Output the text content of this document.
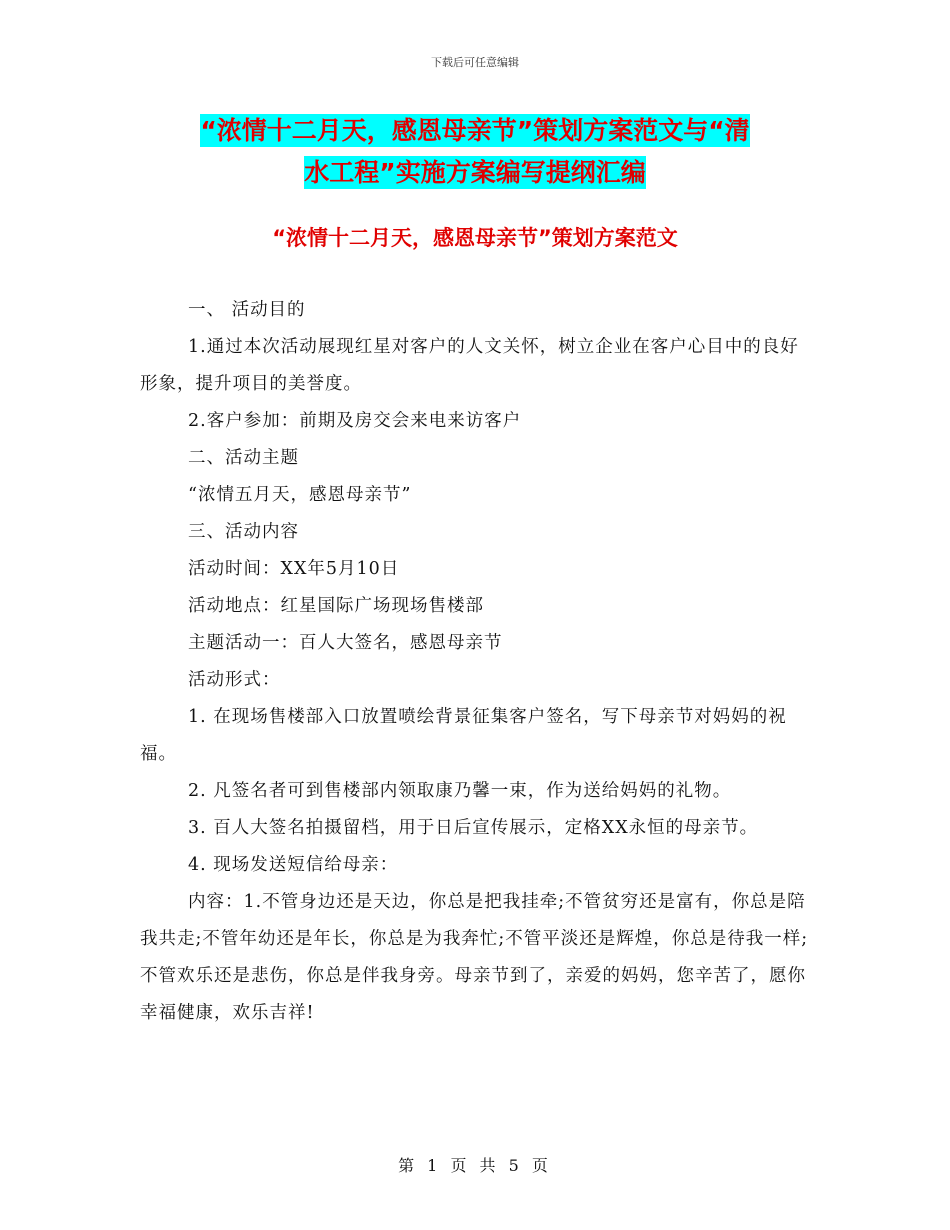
下载后可任意编辑
“浓情十二月天，感恩母亲节”策划方案范文与“清
水工程”实施方案编写提纲汇编
“浓情十二月天，感恩母亲节”策划方案范文

一、 活动目的

1.通过本次活动展现红星对客户的人文关怀，树立企业在客户心目中的良好形象，提升项目的美誉度。

2.客户参加：前期及房交会来电来访客户

二、活动主题

“浓情五月天，感恩母亲节”

三、活动内容

活动时间：XX年5月10日

活动地点：红星国际广场现场售楼部

主题活动一：百人大签名，感恩母亲节

活动形式：

1. 在现场售楼部入口放置喷绘背景征集客户签名，写下母亲节对妈妈的祝福。

2. 凡签名者可到售楼部内领取康乃馨一束，作为送给妈妈的礼物。

3. 百人大签名拍摄留档，用于日后宣传展示，定格XX永恒的母亲节。

4. 现场发送短信给母亲：

内容：1.不管身边还是天边，你总是把我挂牵;不管贫穷还是富有，你总是陪我共走;不管年幼还是年长，你总是为我奔忙;不管平淡还是辉煌，你总是待我一样;不管欢乐还是悲伤，你总是伴我身旁。母亲节到了，亲爱的妈妈，您辛苦了，愿你幸福健康，欢乐吉祥!

第 1 页 共 5 页
